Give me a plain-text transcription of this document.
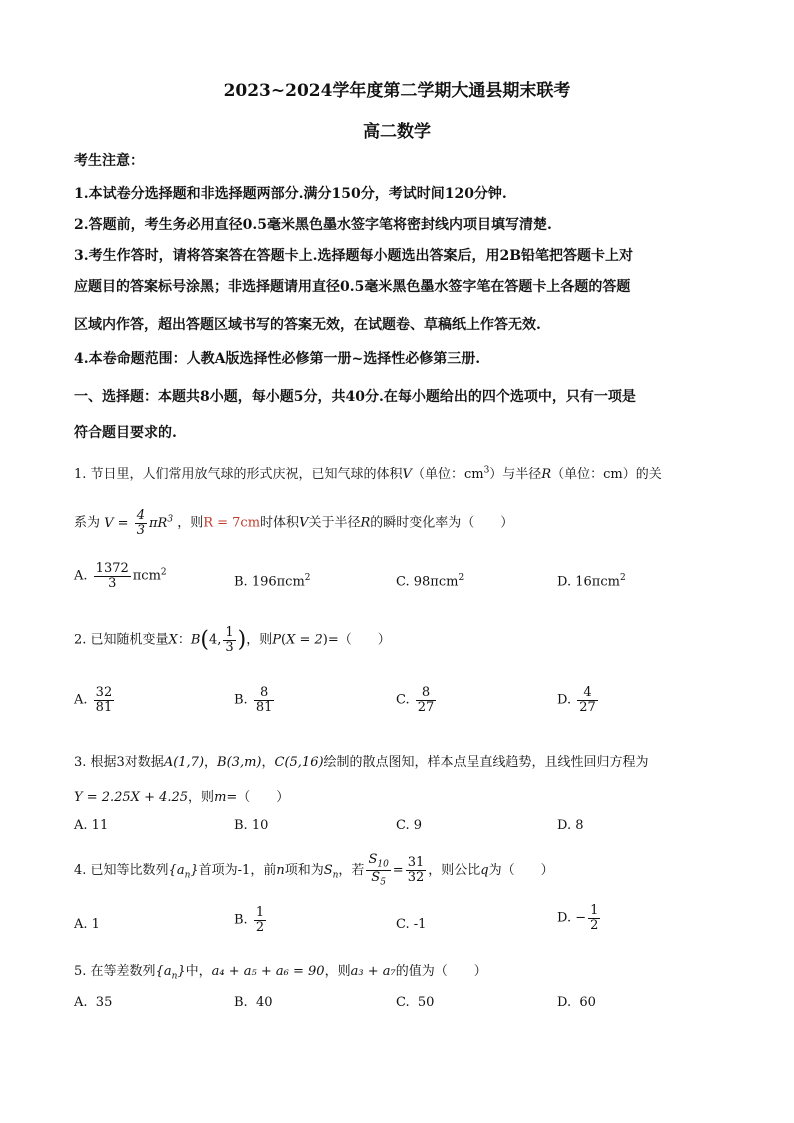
2023~2024学年度第二学期大通县期末联考
高二数学
考生注意：
1.本试卷分选择题和非选择题两部分.满分150分，考试时间120分钟.
2.答题前，考生务必用直径0.5毫米黑色墨水签字笔将密封线内项目填写清楚.
3.考生作答时，请将答案答在答题卡上.选择题每小题选出答案后，用2B铅笔把答题卡上对
应题目的答案标号涂黑；非选择题请用直径0.5毫米黑色墨水签字笔在答题卡上各题的答题
区域内作答，超出答题区域书写的答案无效，在试题卷、草稿纸上作答无效.
4.本卷命题范围：人教A版选择性必修第一册~选择性必修第三册.
一、选择题：本题共8小题，每小题5分，共40分.在每小题给出的四个选项中，只有一项是
符合题目要求的.
1. 节日里，人们常用放气球的形式庆祝，已知气球的体积V（单位：$cm^3$）与半径R（单位：cm）的关
系为 $V = \frac{4}{3} \pi R^3$ ，则R = 7cm时体积V关于半径R的瞬时变化率为（　　）
A. $\frac{1372}{3} \pi cm^2$
B. 196πcm$^2$	C. 98πcm$^2$	D. 16πcm$^2$
2. 已知随机变量X：B(4, $\frac{1}{3}$ )，则P(X = 2)=（　　）
A. $\frac{32}{81}$	B. $\frac{8}{81}$	C. $\frac{8}{27}$	D. $\frac{4}{27}$
3. 根据3对数据A(1,7)，B(3,m)，C(5,16)绘制的散点图知，样本点呈直线趋势，且线性回归方程为
Y = 2.25X + 4.25，则m=（　　）
A. 11	B. 10	C. 9	D. 8
4. 已知等比数列$\{a_n\}$首项为-1，前n项和为$S_n$，若 $\frac{S_{10}}{S_5} = \frac{31}{32}$ ，则公比q为（　　）
A. 1	B. $\frac{1}{2}$	C. -1	D. − $\frac{1}{2}$
5. 在等差数列$\{a_n\}$中，a₄ + a₅ + a₆ = 90，则a₃ + a₇的值为（　　）
A. 35	B. 40	C. 50	D. 60
